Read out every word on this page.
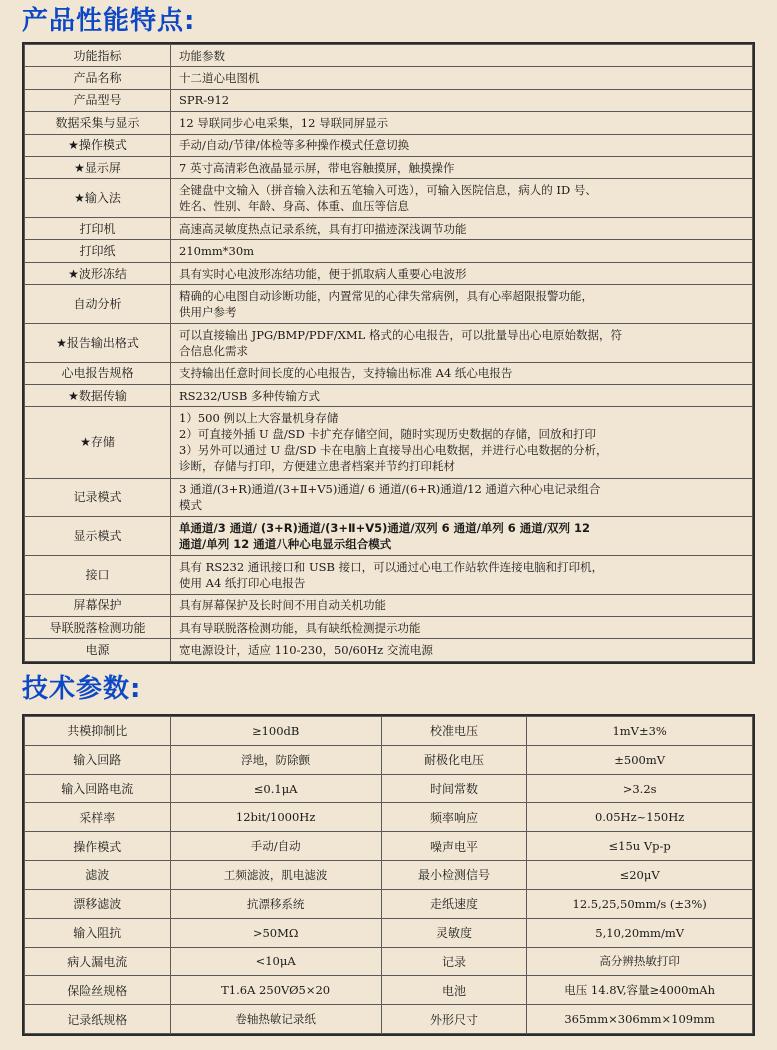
产品性能特点:
功能指标	功能参数

产品名称	十二道心电图机

产品型号	SPR-912

数据采集与显示	12 导联同步心电采集，12 导联同屏显示

★操作模式	手动/自动/节律/体检等多种操作模式任意切换

★显示屏	7 英寸高清彩色液晶显示屏，带电容触摸屏，触摸操作

★输入法	全键盘中文输入（拼音输入法和五笔输入可选），可输入医院信息，病人的 ID 号、
姓名、性别、年龄、身高、体重、血压等信息

打印机	高速高灵敏度热点记录系统，具有打印描迹深浅调节功能

打印纸	210mm*30m

★波形冻结	具有实时心电波形冻结功能，便于抓取病人重要心电波形

自动分析	精确的心电图自动诊断功能，内置常见的心律失常病例，具有心率超限报警功能，
供用户参考

★报告输出格式	可以直接输出 JPG/BMP/PDF/XML 格式的心电报告，可以批量导出心电原始数据，符
合信息化需求

心电报告规格	支持输出任意时间长度的心电报告，支持输出标准 A4 纸心电报告

★数据传输	RS232/USB 多种传输方式

★存储	1）500 例以上大容量机身存储
2）可直接外插 U 盘/SD 卡扩充存储空间，随时实现历史数据的存储，回放和打印
3）另外可以通过 U 盘/SD 卡在电脑上直接导出心电数据，并进行心电数据的分析，
诊断，存储与打印，方便建立患者档案并节约打印耗材

记录模式	3 通道/(3+R)通道/(3+Ⅱ+V5)通道/ 6 通道/(6+R)通道/12 通道六种心电记录组合
模式

显示模式	单通道/3 通道/ (3+R)通道/(3+Ⅱ+V5)通道/双列 6 通道/单列 6 通道/双列 12
通道/单列 12 通道八种心电显示组合模式

接口	具有 RS232 通讯接口和 USB 接口，可以通过心电工作站软件连接电脑和打印机，
使用 A4 纸打印心电报告

屏幕保护	具有屏幕保护及长时间不用自动关机功能

导联脱落检测功能	具有导联脱落检测功能，具有缺纸检测提示功能

电源	宽电源设计，适应 110-230，50/60Hz 交流电源
技术参数:
共模抑制比	≥100dB	校准电压	1mV±3%
输入回路	浮地，防除颤	耐极化电压	±500mV
输入回路电流	≤0.1μA	时间常数	>3.2s
采样率	12bit/1000Hz	频率响应	0.05Hz~150Hz
操作模式	手动/自动	噪声电平	≤15u Vp-p
滤波	工频滤波，肌电滤波	最小检测信号	≤20μV
漂移滤波	抗漂移系统	走纸速度	12.5,25,50mm/s (±3%)
输入阻抗	>50MΩ	灵敏度	5,10,20mm/mV
病人漏电流	<10μA	记录	高分辨热敏打印
保险丝规格	T1.6A 250VØ5×20	电池	电压 14.8V,容量≥4000mAh
记录纸规格	卷轴热敏记录纸	外形尺寸	365mm×306mm×109mm
